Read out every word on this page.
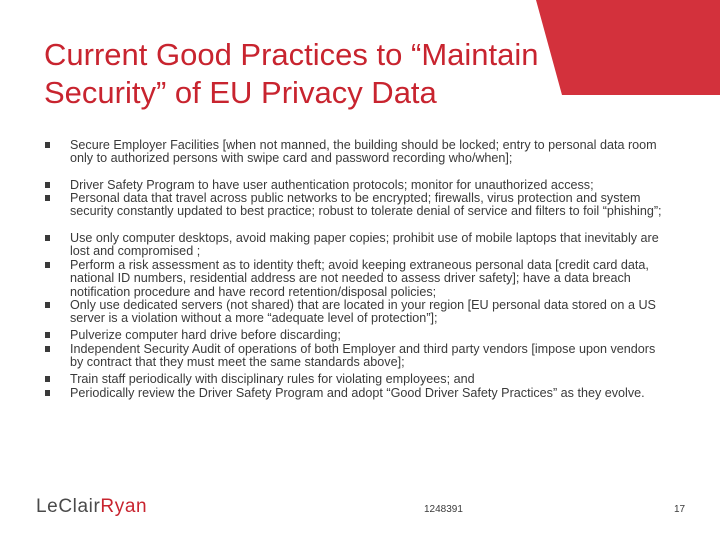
Current Good Practices to “Maintain Security” of EU Privacy Data
Secure Employer Facilities [when not manned, the building should be locked; entry to personal data room only to authorized persons with swipe card and password recording who/when];
Driver Safety Program to have user authentication protocols; monitor for unauthorized access;
Personal data that travel across public networks to be encrypted; firewalls, virus protection and system security constantly updated to best practice; robust to tolerate denial of service and filters to foil “phishing”;
Use only computer desktops, avoid making paper copies; prohibit use of mobile laptops that inevitably are lost and compromised ;
Perform a risk assessment as to identity theft; avoid keeping extraneous personal data [credit card data, national ID numbers, residential address are not needed to assess driver safety]; have a data breach notification procedure and have record retention/disposal policies;
Only use dedicated servers (not shared) that are located in your region [EU personal data stored on a US server is a violation without a more “adequate level of protection”];
Pulverize computer hard drive before discarding;
Independent Security Audit of operations of both Employer and third party vendors [impose upon vendors by contract that they must meet the same standards above];
Train staff periodically with disciplinary rules for violating employees; and
Periodically review the Driver Safety Program and adopt “Good Driver Safety Practices” as they evolve.
LeClairRyan	1248391	17
